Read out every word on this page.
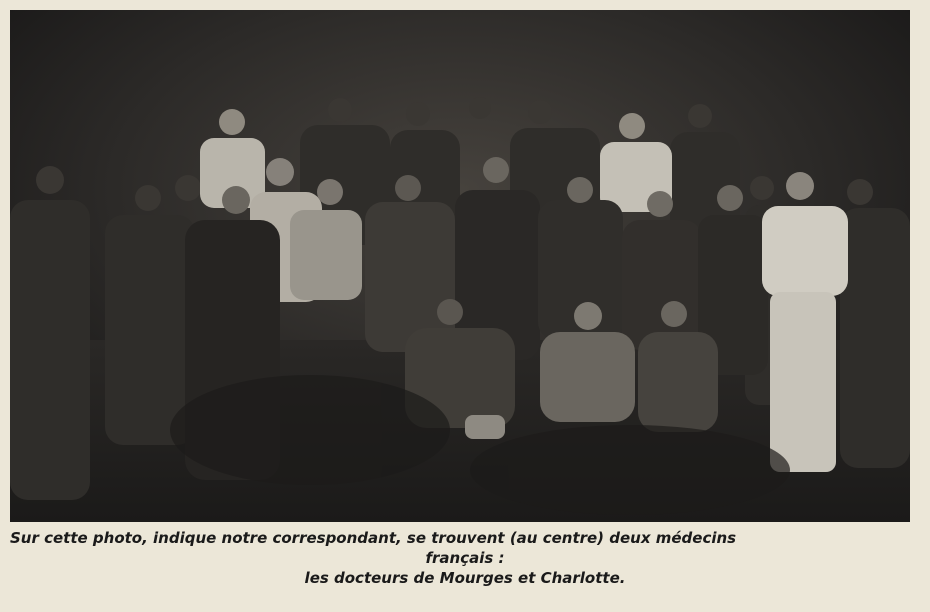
Sur cette photo, indique notre correspondant, se trouvent (au centre) deux médecins
français :
les docteurs de Mourges et Charlotte.
